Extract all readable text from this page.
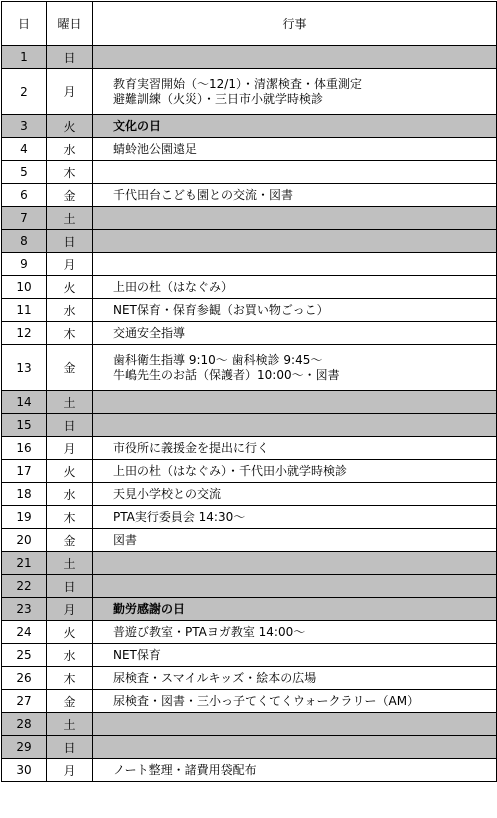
日	曜日	行事
1	日	

2	月	教育実習開始（～12/1）・清潔検査・体重測定
避難訓練（火災）・三日市小就学時検診

3	火	文化の日

4	水	蜻蛉池公園遠足

5	木	

6	金	千代田台こども園との交流・図書

7	土	

8	日	

9	月	

10	火	上田の杜（はなぐみ）

11	水	NET保育・保育参観（お買い物ごっこ）

12	木	交通安全指導

13	金	歯科衛生指導 9:10～ 歯科検診 9:45～
牛嶋先生のお話（保護者）10:00～・図書

14	土	

15	日	

16	月	市役所に義援金を提出に行く

17	火	上田の杜（はなぐみ）・千代田小就学時検診

18	水	天見小学校との交流

19	木	PTA実行委員会 14:30～

20	金	図書

21	土	

22	日	

23	月	勤労感謝の日

24	火	普遊び教室・PTAヨガ教室 14:00～

25	水	NET保育

26	木	尿検査・スマイルキッズ・絵本の広場

27	金	尿検査・図書・三小っ子てくてくウォークラリー（AM）

28	土	

29	日	

30	月	ノート整理・諸費用袋配布
